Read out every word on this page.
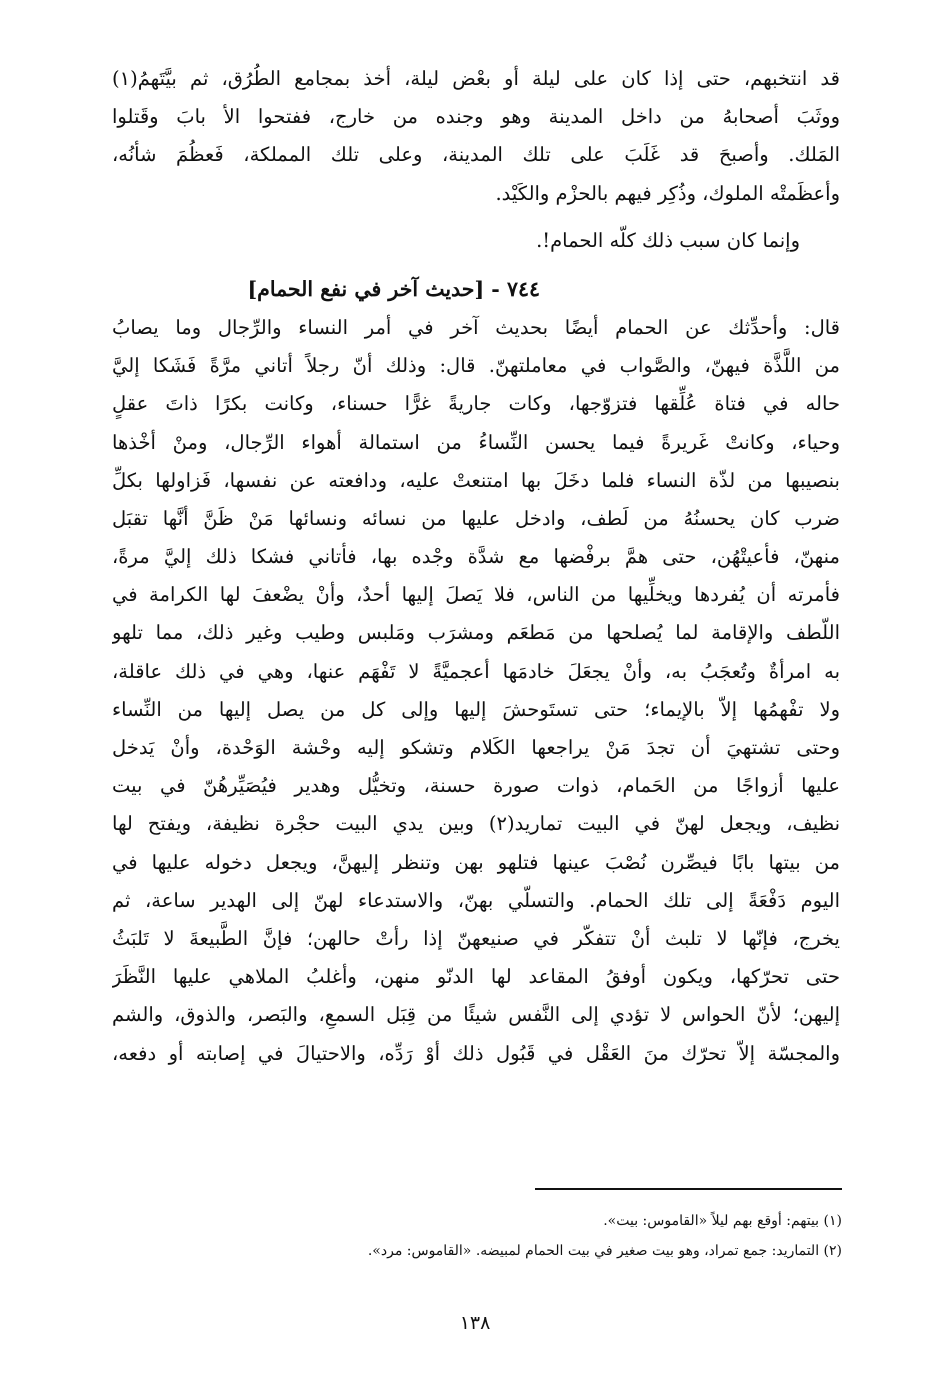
قد انتخبهم، حتى إذا كان على ليلة أو بعْض ليلة، أخذ بمجامع الطُرُق، ثم بيَّتَهمُ(١)
ووثَبَ أصحابهُ من داخل المدينة وهو وجنده من خارج، ففتحوا الأ بابَ وقَتلوا
المَلك. وأصبحَ قد غَلَبَ على تلك المدينة، وعلى تلك المملكة، فَعظُمَ شأنُه،
وأعظَمتْه الملوك، وذُكِر فيهم بالحزْم والكَيْد.
وإنما كان سبب ذلك كلّه الحمام!.
٧٤٤ - [حديث آخر في نفع الحمام]
قال: وأحدِّثك عن الحمام أيضًا بحديث آخر في أمر النساء والرِّجال وما يصابُ
من اللَّذَّة فيهنّ، والصَّواب في معاملتهنّ. قال: وذلك أنّ رجلاً أتاني مرَّةً فَشَكا إليَّ
حاله في فتاة عُلِّقها فتزوّجها، وكات جاريةً غرًّا حسناء، وكانت بكرًا ذاتَ عقلٍ
وحياء، وكانتْ غَريرةً فيما يحسن النِّساءُ من استمالة أهواء الرِّجال، ومنْ أخْذها
بنصيبها من لذّة النساء فلما دخَلَ بها امتنعتْ عليه، ودافعته عن نفسها، فَزاولها بكلِّ
ضرب كان يحسنُهُ من لَطف، وادخل عليها من نسائه ونسائها مَنْ ظَنَّ أنَّها تقبَل
منهنّ، فأعيتْهُن، حتى همَّ برفْضها مع شدَّة وجْده بها، فأتاني فشكا ذلك إليَّ مرةً،
فأمرته أن يُفردها ويخلِّيها من الناس، فلا يَصلَ إليها أحدٌ، وأنْ يضْعفَ لها الكرامة في
اللّطف والإقامة لما يُصلحها من مَطعَم ومشرَب ومَلبس وطيب وغير ذلك، مما تلهو
به امرأةٌ وتُعجَبُ به، وأنْ يجعَلَ خادمَها أعجميَّةً لا تَفْهَم عنها، وهي في ذلك عاقلة،
ولا تفْهمُها إلاّ بالإيماء؛ حتى تستَوحشَ إليها وإلى كل من يصل إليها من النِّساء
وحتى تشتهيَ أن تجدَ مَنْ يراجعها الكَلام وتشكو إليه وحْشة الوَحْدة، وأنْ يَدخل
عليها أزواجًا من الحَمام، ذوات صورة حسنة، وتخيُّل وهدير فيُصَيِّرهُنّ في بيت
نظيف، ويجعل لهنّ في البيت تماريد(٢) وبين يدي البيت حجْرة نظيفة، ويفتح لها
من بيتها بابًا فيصِّرن نُصْبَ عينها فتلهو بهن وتنظر إليهنَّ، ويجعل دخوله عليها في
اليوم دَفْعَةً إلى تلك الحمام. والتسلّي بهنّ، والاستدعاء لهنّ إلى الهدير ساعة، ثم
يخرج، فإنّها لا تلبث أنْ تتفكّر في صنيعهنّ إذا رأتْ حالهن؛ فإنَّ الطَّبيعةَ لا تَلبَثُ
حتى تحرّكها، ويكون أوفقُ المقاعد لها الدنّو منهن، وأغلبُ الملاهي عليها النَّظَرَ
إليهن؛ لأنّ الحواس لا تؤدي إلى النَّفس شيئًا من قِبَل السمعِ، والبَصر، والذوق، والشم
والمجسّة إلاّ تحرّك منَ العَقْل في قَبُول ذلك أوْ رَدِّه، والاحتيالَ في إصابته أو دفعه،
(١) بيتهم: أوقع بهم ليلاً «القاموس: بيت».
(٢) التماريد: جمع تمراد، وهو بيت صغير في بيت الحمام لمبيضه. «القاموس: مرد».
١٣٨
